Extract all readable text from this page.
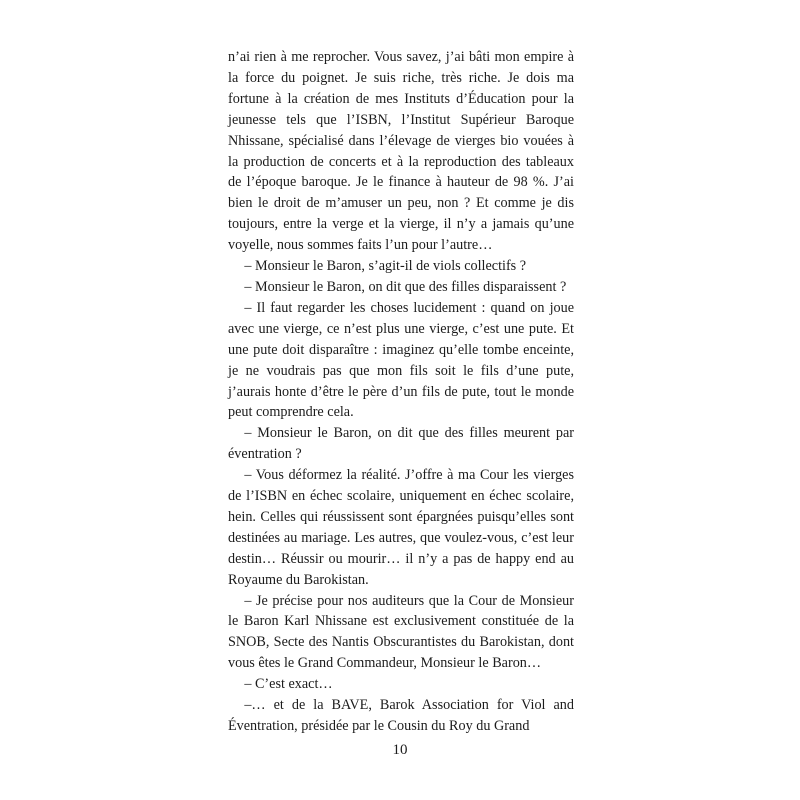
n’ai rien à me reprocher. Vous savez, j’ai bâti mon empire à la force du poignet. Je suis riche, très riche. Je dois ma fortune à la création de mes Instituts d’Éducation pour la jeunesse tels que l’ISBN, l’Institut Supérieur Baroque Nhissane, spécialisé dans l’élevage de vierges bio vouées à la production de concerts et à la reproduction des tableaux de l’époque baroque. Je le finance à hauteur de 98 %. J’ai bien le droit de m’amuser un peu, non ? Et comme je dis toujours, entre la verge et la vierge, il n’y a jamais qu’une voyelle, nous sommes faits l’un pour l’autre…

– Monsieur le Baron, s’agit-il de viols collectifs ?

– Monsieur le Baron, on dit que des filles disparaissent ?

– Il faut regarder les choses lucidement : quand on joue avec une vierge, ce n’est plus une vierge, c’est une pute. Et une pute doit disparaître : imaginez qu’elle tombe enceinte, je ne voudrais pas que mon fils soit le fils d’une pute, j’aurais honte d’être le père d’un fils de pute, tout le monde peut comprendre cela.

– Monsieur le Baron, on dit que des filles meurent par éventration ?

– Vous déformez la réalité. J’offre à ma Cour les vierges de l’ISBN en échec scolaire, uniquement en échec scolaire, hein. Celles qui réussissent sont épargnées puisqu’elles sont destinées au mariage. Les autres, que voulez-vous, c’est leur destin… Réussir ou mourir… il n’y a pas de happy end au Royaume du Barokistan.

– Je précise pour nos auditeurs que la Cour de Monsieur le Baron Karl Nhissane est exclusivement constituée de la SNOB, Secte des Nantis Obscurantistes du Barokistan, dont vous êtes le Grand Commandeur, Monsieur le Baron…

– C’est exact…

–… et de la BAVE, Barok Association for Viol and Éventration, présidée par le Cousin du Roy du Grand

10
